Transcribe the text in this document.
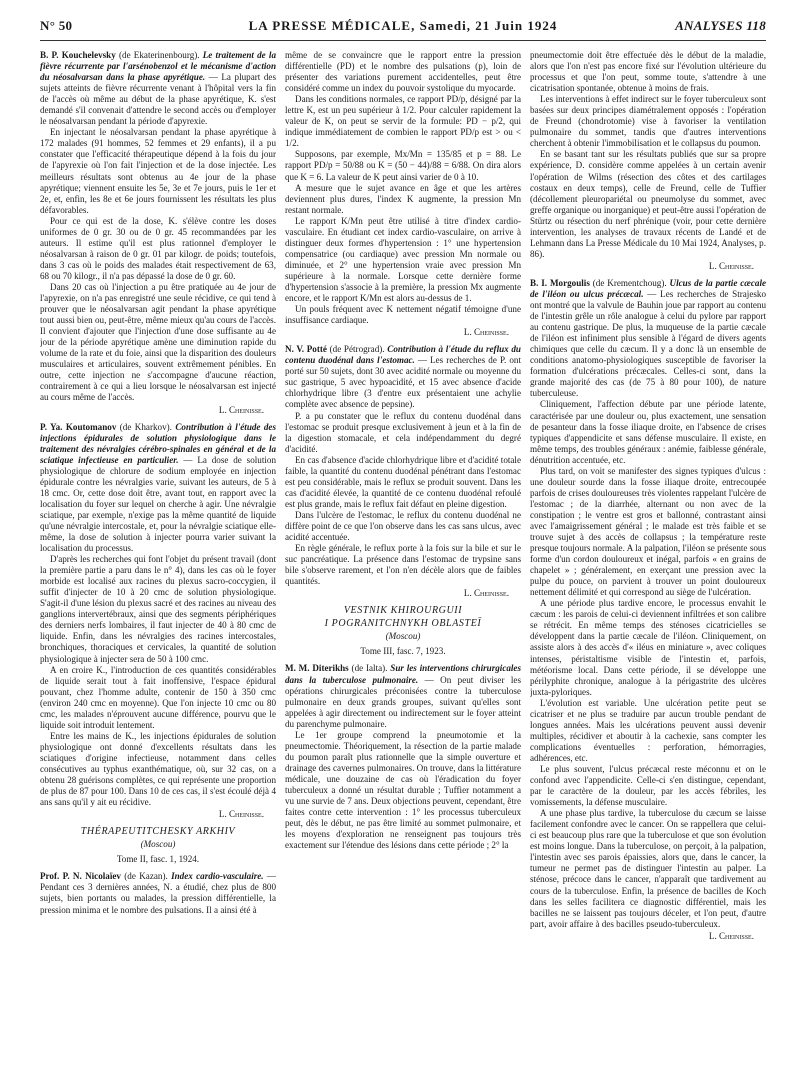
N° 50	LA PRESSE MÉDICALE, Samedi, 21 Juin 1924	ANALYSES 118

B. P. Kouchelevsky (de Ekaterinenbourg). Le traitement de la fièvre récurrente par l'arsénobenzol et le mécanisme d'action du néosalvarsan dans la phase apyrétique. — La plupart des sujets atteints de fièvre récurrente venant à l'hôpital vers la fin de l'accès où même au début de la phase apyrétique, K. s'est demandé s'il convenait d'attendre le second accès ou d'employer le néosalvarsan pendant la période d'apyrexie.

En injectant le néosalvarsan pendant la phase apyrétique à 172 malades (91 hommes, 52 femmes et 29 enfants), il a pu constater que l'efficacité thérapeutique dépend à la fois du jour de l'apyrexie où l'on fait l'injection et de la dose injectée. Les meilleurs résultats sont obtenus au 4e jour de la phase apyrétique; viennent ensuite les 5e, 3e et 7e jours, puis le 1er et 2e, et, enfin, les 8e et 6e jours fournissent les résultats les plus défavorables.

Pour ce qui est de la dose, K. s'élève contre les doses uniformes de 0 gr. 30 ou de 0 gr. 45 recommandées par les auteurs. Il estime qu'il est plus rationnel d'employer le néosalvarsan à raison de 0 gr. 01 par kilogr. de poids; toutefois, dans 3 cas où le poids des malades était respectivement de 63, 68 ou 70 kilogr., il n'a pas dépassé la dose de 0 gr. 60.

Dans 20 cas où l'injection a pu être pratiquée au 4e jour de l'apyrexie, on n'a pas enregistré une seule récidive, ce qui tend à prouver que le néosalvarsan agit pendant la phase apyrétique tout aussi bien ou, peut-être, même mieux qu'au cours de l'accès. Il convient d'ajouter que l'injection d'une dose suffisante au 4e jour de la période apyrétique amène une diminution rapide du volume de la rate et du foie, ainsi que la disparition des douleurs musculaires et articulaires, souvent extrêmement pénibles. En outre, cette injection ne s'accompagne d'aucune réaction, contrairement à ce qui a lieu lorsque le néosalvarsan est injecté au cours même de l'accès.

L. Cheinisse.

P. Ya. Koutomanov (de Kharkov). Contribution à l'étude des injections épidurales de solution physiologique dans le traitement des névralgies cérébro-spinales en général et de la sciatique infectieuse en particulier. — La dose de solution physiologique de chlorure de sodium employée en injection épidurale contre les névralgies varie, suivant les auteurs, de 5 à 18 cmc. Or, cette dose doit être, avant tout, en rapport avec la localisation du foyer sur lequel on cherche à agir. Une névralgie sciatique, par exemple, n'exige pas la même quantité de liquide qu'une névralgie intercostale, et, pour la névralgie sciatique elle-même, la dose de solution à injecter pourra varier suivant la localisation du processus.

D'après les recherches qui font l'objet du présent travail (dont la première partie a paru dans le n° 4), dans les cas où le foyer morbide est localisé aux racines du plexus sacro-coccygien, il suffit d'injecter de 10 à 20 cmc de solution physiologique. S'agit-il d'une lésion du plexus sacré et des racines au niveau des ganglions intervertébraux, ainsi que des segments périphériques des derniers nerfs lombaires, il faut injecter de 40 à 80 cmc de liquide. Enfin, dans les névralgies des racines intercostales, bronchiques, thoraciques et cervicales, la quantité de solution physiologique à injecter sera de 50 à 100 cmc.

A en croire K., l'introduction de ces quantités considérables de liquide serait tout à fait inoffensive, l'espace épidural pouvant, chez l'homme adulte, contenir de 150 à 350 cmc (environ 240 cmc en moyenne). Que l'on injecte 10 cmc ou 80 cmc, les malades n'éprouvent aucune différence, pourvu que le liquide soit introduit lentement.

Entre les mains de K., les injections épidurales de solution physiologique ont donné d'excellents résultats dans les sciatiques d'origine infectieuse, notamment dans celles consécutives au typhus exanthématique, où, sur 32 cas, on a obtenu 28 guérisons complètes, ce qui représente une proportion de plus de 87 pour 100. Dans 10 de ces cas, il s'est écoulé déjà 4 ans sans qu'il y ait eu récidive.

L. Cheinisse.
THÉRAPEUTITCHESKY ARKHIV
(Moscou)
Tome II, fasc. 1, 1924.

Prof. P. N. Nicolaïev (de Kazan). Index cardio-vasculaire. — Pendant ces 3 dernières années, N. a étudié, chez plus de 800 sujets, bien portants ou malades, la pression différentielle, la pression minima et le nombre des pulsations. Il a ainsi été à

même de se convaincre que le rapport entre la pression différentielle (PD) et le nombre des pulsations (p), loin de présenter des variations purement accidentelles, peut être considéré comme un index du pouvoir systolique du myocarde.

Dans les conditions normales, ce rapport PD/p, désigné par la lettre K, est un peu supérieur à 1/2. Pour calculer rapidement la valeur de K, on peut se servir de la formule: PD − p/2, qui indique immédiatement de combien le rapport PD/p est > ou < 1/2.

Supposons, par exemple, Mx/Mn = 135/85 et p = 88. Le rapport PD/p = 50/88 ou K = (50 − 44)/88 = 6/88. On dira alors que K = 6. La valeur de K peut ainsi varier de 0 à 10.

A mesure que le sujet avance en âge et que les artères deviennent plus dures, l'index K augmente, la pression Mn restant normale.

Le rapport K/Mn peut être utilisé à titre d'index cardio-vasculaire. En étudiant cet index cardio-vasculaire, on arrive à distinguer deux formes d'hypertension : 1° une hypertension compensatrice (ou cardiaque) avec pression Mn normale ou diminuée, et 2° une hypertension vraie avec pression Mn supérieure à la normale. Lorsque cette dernière forme d'hypertension s'associe à la première, la pression Mx augmente encore, et le rapport K/Mn est alors au-dessus de 1.

Un pouls fréquent avec K nettement négatif témoigne d'une insuffisance cardiaque.

L. Cheinisse.

N. V. Potté (de Pétrograd). Contribution à l'étude du reflux du contenu duodénal dans l'estomac. — Les recherches de P. ont porté sur 50 sujets, dont 30 avec acidité normale ou moyenne du suc gastrique, 5 avec hypoacidité, et 15 avec absence d'acide chlorhydrique libre (3 d'entre eux présentaient une achylie complète avec absence de pepsine).

P. a pu constater que le reflux du contenu duodénal dans l'estomac se produit presque exclusivement à jeun et à la fin de la digestion stomacale, et cela indépendamment du degré d'acidité.

En cas d'absence d'acide chlorhydrique libre et d'acidité totale faible, la quantité du contenu duodénal pénétrant dans l'estomac est peu considérable, mais le reflux se produit souvent. Dans les cas d'acidité élevée, la quantité de ce contenu duodénal refoulé est plus grande, mais le reflux fait défaut en pleine digestion.

Dans l'ulcère de l'estomac, le reflux du contenu duodénal ne diffère point de ce que l'on observe dans les cas sans ulcus, avec acidité accentuée.

En règle générale, le reflux porte à la fois sur la bile et sur le suc pancréatique. La présence dans l'estomac de trypsine sans bile s'observe rarement, et l'on n'en décèle alors que de faibles quantités.

L. Cheinisse.
VESTNIK KHIROURGUII
I POGRANITCHNYKH OBLASTEÏ
(Moscou)
Tome III, fasc. 7, 1923.

M. M. Diterikhs (de Ialta). Sur les interventions chirurgicales dans la tuberculose pulmonaire. — On peut diviser les opérations chirurgicales préconisées contre la tuberculose pulmonaire en deux grands groupes, suivant qu'elles sont appelées à agir directement ou indirectement sur le foyer atteint du parenchyme pulmonaire.

Le 1er groupe comprend la pneumotomie et la pneumectomie. Théoriquement, la résection de la partie malade du poumon paraît plus rationnelle que la simple ouverture et drainage des cavernes pulmonaires. On trouve, dans la littérature médicale, une douzaine de cas où l'éradication du foyer tuberculeux a donné un résultat durable ; Tuffier notamment a vu une survie de 7 ans. Deux objections peuvent, cependant, être faites contre cette intervention : 1° les processus tuberculeux peut, dès le début, ne pas être limité au sommet pulmonaire, et les moyens d'exploration ne renseignent pas toujours très exactement sur l'étendue des lésions dans cette période ; 2° la

pneumectomie doit être effectuée dès le début de la maladie, alors que l'on n'est pas encore fixé sur l'évolution ultérieure du processus et que l'on peut, somme toute, s'attendre à une cicatrisation spontanée, obtenue à moins de frais.

Les interventions à effet indirect sur le foyer tuberculeux sont basées sur deux principes diamétralement opposés : l'opération de Freund (chondrotomie) vise à favoriser la ventilation pulmonaire du sommet, tandis que d'autres interventions cherchent à obtenir l'immobilisation et le collapsus du poumon.

En se basant tant sur les résultats publiés que sur sa propre expérience, D. considère comme appelées à un certain avenir l'opération de Wilms (résection des côtes et des cartilages costaux en deux temps), celle de Freund, celle de Tuffier (décollement pleuropariétal ou pneumolyse du sommet, avec greffe organique ou inorganique) et peut-être aussi l'opération de Stürtz ou résection du nerf phrénique (voir, pour cette dernière intervention, les analyses de travaux récents de Landé et de Lehmann dans La Presse Médicale du 10 Mai 1924, Analyses, p. 86).

L. Cheinisse.

B. I. Morgoulis (de Krementchoug). Ulcus de la partie cæcale de l'iléon ou ulcus précæcal. — Les recherches de Strajesko ont montré que la valvule de Bauhin joue par rapport au contenu de l'intestin grêle un rôle analogue à celui du pylore par rapport au contenu gastrique. De plus, la muqueuse de la partie cæcale de l'iléon est infiniment plus sensible à l'égard de divers agents chimiques que celle du cæcum. Il y a donc là un ensemble de conditions anatomo-physiologiques susceptible de favoriser la formation d'ulcérations précæcales. Celles-ci sont, dans la grande majorité des cas (de 75 à 80 pour 100), de nature tuberculeuse.

Cliniquement, l'affection débute par une période latente, caractérisée par une douleur ou, plus exactement, une sensation de pesanteur dans la fosse iliaque droite, en l'absence de crises typiques d'appendicite et sans défense musculaire. Il existe, en même temps, des troubles généraux : anémie, faiblesse générale, dénutrition accentuée, etc.

Plus tard, on voit se manifester des signes typiques d'ulcus : une douleur sourde dans la fosse iliaque droite, entrecoupée parfois de crises douloureuses très violentes rappelant l'ulcère de l'estomac ; de la diarrhée, alternant ou non avec de la constipation ; le ventre est gros et ballonné, contrastant ainsi avec l'amaigrissement général ; le malade est très faible et se trouve sujet à des accès de collapsus ; la température reste presque toujours normale. A la palpation, l'iléon se présente sous forme d'un cordon douloureux et inégal, parfois « en grains de chapelet » ; généralement, en exerçant une pression avec la pulpe du pouce, on parvient à trouver un point douloureux nettement délimité et qui correspond au siège de l'ulcération.

A une période plus tardive encore, le processus envahit le cæcum : les parois de celui-ci deviennent infiltrées et son calibre se rétrécit. En même temps des sténoses cicatricielles se développent dans la partie cæcale de l'iléon. Cliniquement, on assiste alors à des accès d'« iléus en miniature », avec coliques intenses, péristaltisme visible de l'intestin et, parfois, météorisme local. Dans cette période, il se développe une périlyphite chronique, analogue à la périgastrite des ulcères juxta-pyloriques.

L'évolution est variable. Une ulcération petite peut se cicatriser et ne plus se traduire par aucun trouble pendant de longues années. Mais les ulcérations peuvent aussi devenir multiples, récidiver et aboutir à la cachexie, sans compter les complications éventuelles : perforation, hémorragies, adhérences, etc.

Le plus souvent, l'ulcus précæcal reste méconnu et on le confond avec l'appendicite. Celle-ci s'en distingue, cependant, par le caractère de la douleur, par les accès fébriles, les vomissements, la défense musculaire.

A une phase plus tardive, la tuberculose du cæcum se laisse facilement confondre avec le cancer. On se rappellera que celui-ci est beaucoup plus rare que la tuberculose et que son évolution est moins longue. Dans la tuberculose, on perçoit, à la palpation, l'intestin avec ses parois épaissies, alors que, dans le cancer, la tumeur ne permet pas de distinguer l'intestin au palper. La sténose, précoce dans le cancer, n'apparaît que tardivement au cours de la tuberculose. Enfin, la présence de bacilles de Koch dans les selles facilitera ce diagnostic différentiel, mais les bacilles ne se laissent pas toujours déceler, et l'on peut, d'autre part, avoir affaire à des bacilles pseudo-tuberculeux.

L. Cheinisse.
